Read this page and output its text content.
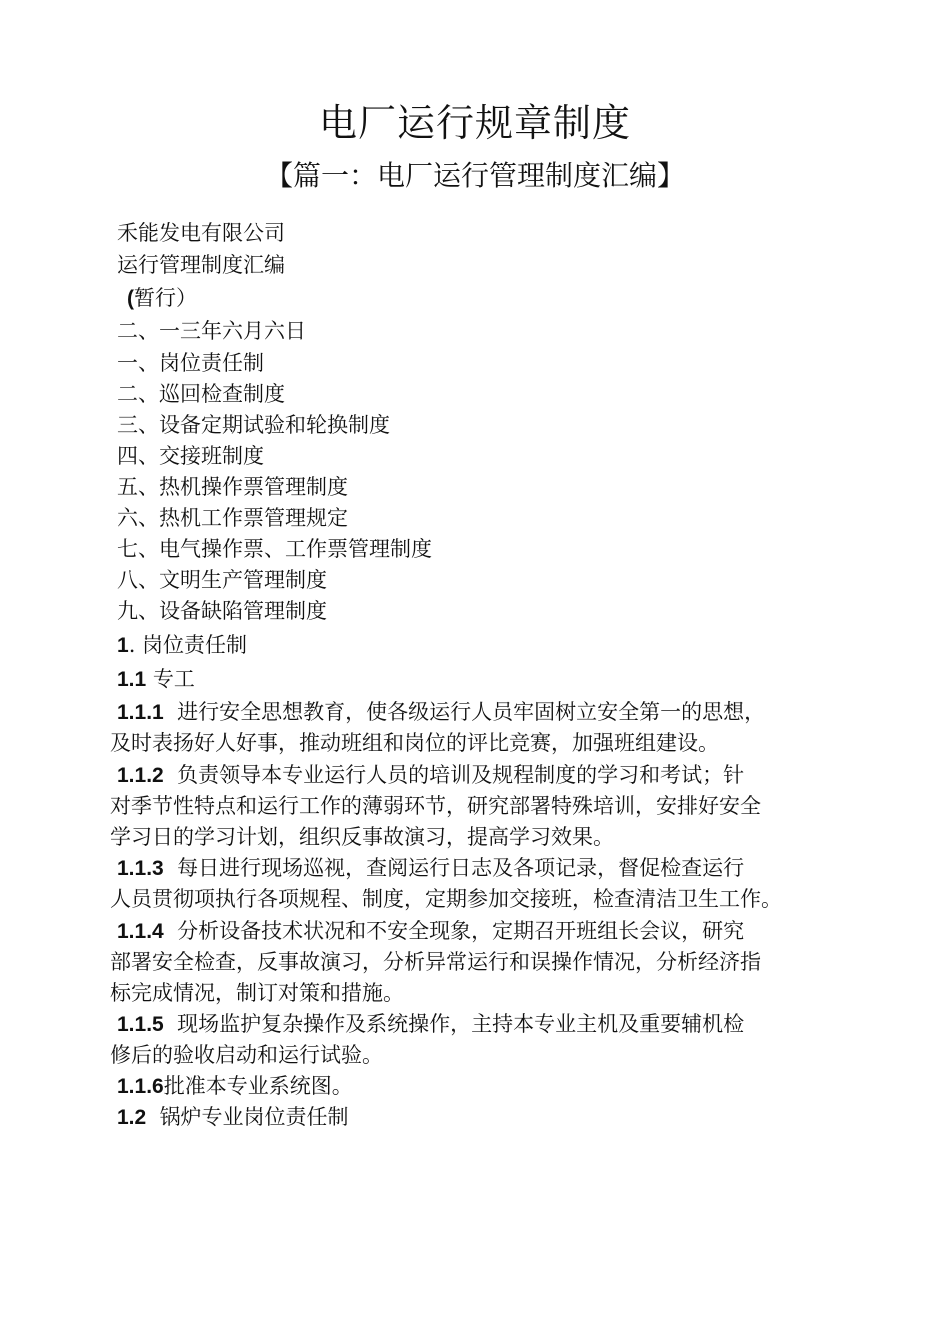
电厂运行规章制度
【篇一：电厂运行管理制度汇编】
禾能发电有限公司
运行管理制度汇编
(暂行）
二、一三年六月六日
一、岗位责任制
二、巡回检查制度
三、设备定期试验和轮换制度
四、交接班制度
五、热机操作票管理制度
六、热机工作票管理规定
七、电气操作票、工作票管理制度
八、文明生产管理制度
九、设备缺陷管理制度
1. 岗位责任制
1.1 专工
1.1.1 进行安全思想教育，使各级运行人员牢固树立安全第一的思想，
及时表扬好人好事，推动班组和岗位的评比竞赛，加强班组建设。
1.1.2 负责领导本专业运行人员的培训及规程制度的学习和考试；针
对季节性特点和运行工作的薄弱环节，研究部署特殊培训，安排好安全
学习日的学习计划，组织反事故演习，提高学习效果。
1.1.3 每日进行现场巡视，查阅运行日志及各项记录，督促检查运行
人员贯彻项执行各项规程、制度，定期参加交接班，检查清洁卫生工作。
1.1.4 分析设备技术状况和不安全现象，定期召开班组长会议，研究
部署安全检查，反事故演习，分析异常运行和误操作情况，分析经济指
标完成情况，制订对策和措施。
1.1.5 现场监护复杂操作及系统操作，主持本专业主机及重要辅机检
修后的验收启动和运行试验。
1.1.6批准本专业系统图。
1.2 锅炉专业岗位责任制
